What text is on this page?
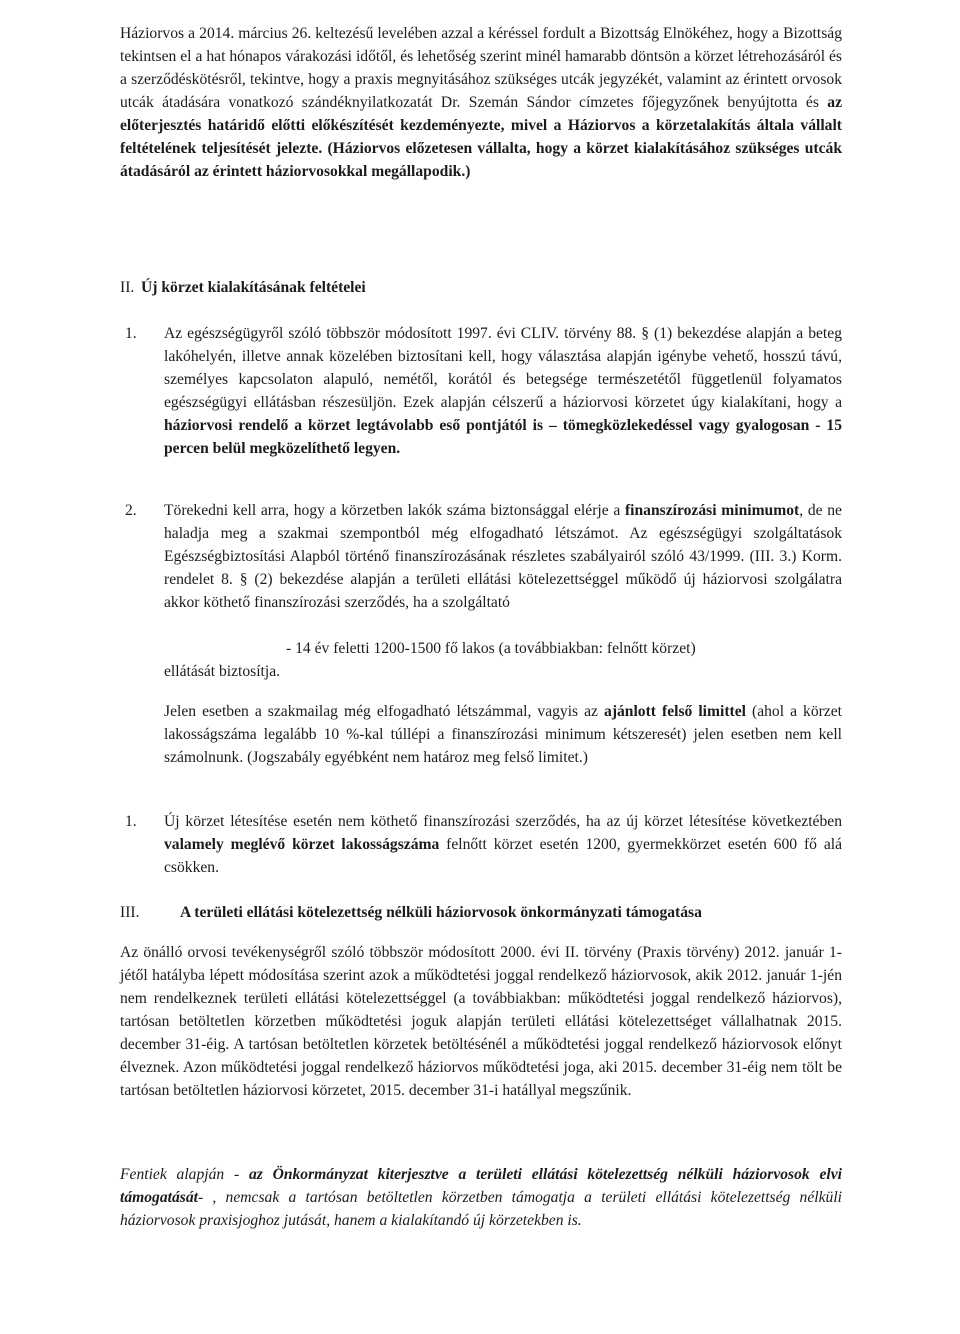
Háziorvos a 2014. március 26. keltezésű levelében azzal a kéréssel fordult a Bizottság Elnökéhez, hogy a Bizottság tekintsen el a hat hónapos várakozási időtől, és lehetőség szerint minél hamarabb döntsön a körzet létrehozásáról és a szerződéskötésről, tekintve, hogy a praxis megnyitásához szükséges utcák jegyzékét, valamint az érintett orvosok utcák átadására vonatkozó szándéknyilatkozatát Dr. Szemán Sándor címzetes főjegyzőnek benyújtotta és az előterjesztés határidő előtti előkészítését kezdeményezte, mivel a Háziorvos a körzetalakítás általa vállalt feltételének teljesítését jelezte. (Háziorvos előzetesen vállalta, hogy a körzet kialakításához szükséges utcák átadásáról az érintett háziorvosokkal megállapodik.)
II. Új körzet kialakításának feltételei
1. Az egészségügyről szóló többször módosított 1997. évi CLIV. törvény 88. § (1) bekezdése alapján a beteg lakóhelyén, illetve annak közelében biztosítani kell, hogy választása alapján igénybe vehető, hosszú távú, személyes kapcsolaton alapuló, nemétől, korától és betegsége természetétől függetlenül folyamatos egészségügyi ellátásban részesüljön. Ezek alapján célszerű a háziorvosi körzetet úgy kialakítani, hogy a háziorvosi rendelő a körzet legtávolabb eső pontjától is – tömegközlekedéssel vagy gyalogosan - 15 percen belül megközelíthető legyen.
2. Törekedni kell arra, hogy a körzetben lakók száma biztonsággal elérje a finanszírozási minimumot, de ne haladja meg a szakmai szempontból még elfogadható létszámot. Az egészségügyi szolgáltatások Egészségbiztosítási Alapból történő finanszírozásának részletes szabályairól szóló 43/1999. (III. 3.) Korm. rendelet 8. § (2) bekezdése alapján a területi ellátási kötelezettséggel működő új háziorvosi szolgálatra akkor köthető finanszírozási szerződés, ha a szolgáltató
- 14 év feletti 1200-1500 fő lakos (a továbbiakban: felnőtt körzet)
ellátását biztosítja.
Jelen esetben a szakmailag még elfogadható létszámmal, vagyis az ajánlott felső limittel (ahol a körzet lakosságszáma legalább 10 %-kal túllépi a finanszírozási minimum kétszeresét) jelen esetben nem kell számolnunk. (Jogszabály egyébként nem határoz meg felső limitet.)
1. Új körzet létesítése esetén nem köthető finanszírozási szerződés, ha az új körzet létesítése következtében valamely meglévő körzet lakosságszáma felnőtt körzet esetén 1200, gyermekkörzet esetén 600 fő alá csökken.
III.	A területi ellátási kötelezettség nélküli háziorvosok önkormányzati támogatása
Az önálló orvosi tevékenységről szóló többször módosított 2000. évi II. törvény (Praxis törvény) 2012. január 1-jétől hatályba lépett módosítása szerint azok a működtetési joggal rendelkező háziorvosok, akik 2012. január 1-jén nem rendelkeznek területi ellátási kötelezettséggel (a továbbiakban: működtetési joggal rendelkező háziorvos), tartósan betöltetlen körzetben működtetési joguk alapján területi ellátási kötelezettséget vállalhatnak 2015. december 31-éig. A tartósan betöltetlen körzetek betöltésénél a működtetési joggal rendelkező háziorvosok előnyt élveznek. Azon működtetési joggal rendelkező háziorvos működtetési joga, aki 2015. december 31-éig nem tölt be tartósan betöltetlen háziorvosi körzetet, 2015. december 31-i hatállyal megszűnik.
Fentiek alapján - az Önkormányzat kiterjesztve a területi ellátási kötelezettség nélküli háziorvosok elvi támogatását- , nemcsak a tartósan betöltetlen körzetben támogatja a területi ellátási kötelezettség nélküli háziorvosok praxisjoghoz jutását, hanem a kialakítandó új körzetekben is.
